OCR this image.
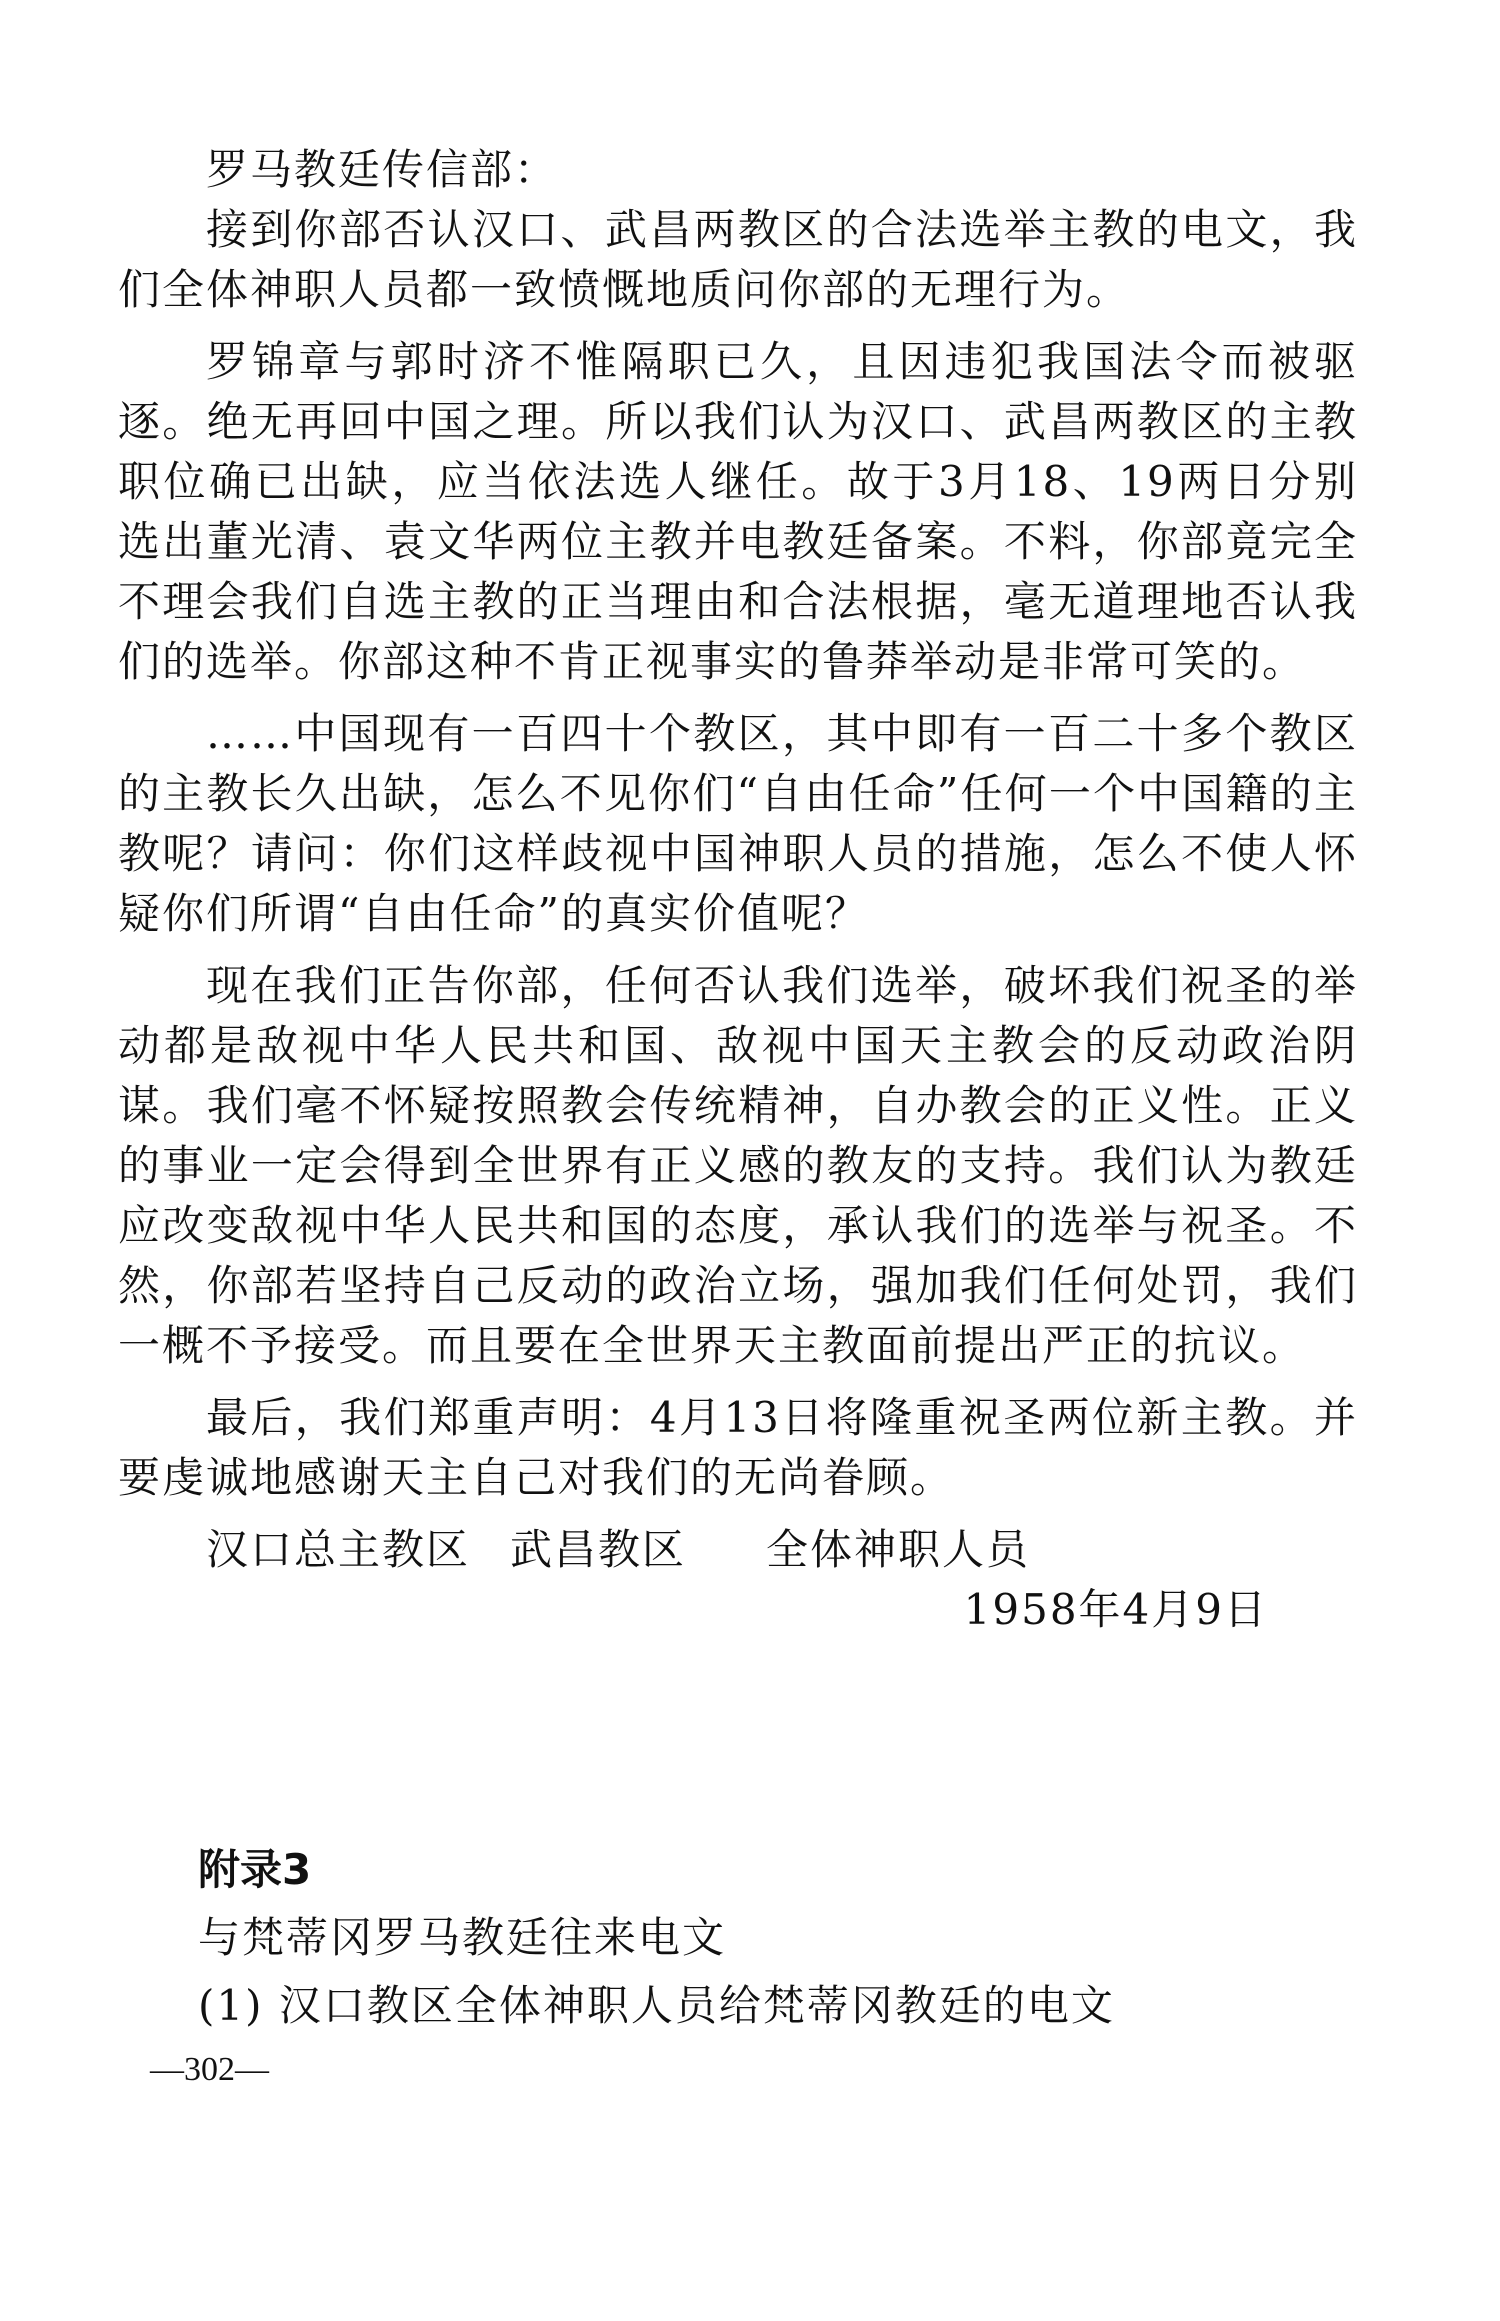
罗马教廷传信部：

接到你部否认汉口、武昌两教区的合法选举主教的电文，我们全体神职人员都一致愤慨地质问你部的无理行为。

罗锦章与郭时济不惟隔职已久，且因违犯我国法令而被驱逐。绝无再回中国之理。所以我们认为汉口、武昌两教区的主教职位确已出缺，应当依法选人继任。故于3月18、19两日分别选出董光清、袁文华两位主教并电教廷备案。不料，你部竟完全不理会我们自选主教的正当理由和合法根据，毫无道理地否认我们的选举。你部这种不肯正视事实的鲁莽举动是非常可笑的。

……中国现有一百四十个教区，其中即有一百二十多个教区的主教长久出缺，怎么不见你们“自由任命”任何一个中国籍的主教呢？请问：你们这样歧视中国神职人员的措施，怎么不使人怀疑你们所谓“自由任命”的真实价值呢？

现在我们正告你部，任何否认我们选举，破坏我们祝圣的举动都是敌视中华人民共和国、敌视中国天主教会的反动政治阴谋。我们毫不怀疑按照教会传统精神，自办教会的正义性。正义的事业一定会得到全世界有正义感的教友的支持。我们认为教廷应改变敌视中华人民共和国的态度，承认我们的选举与祝圣。不然，你部若坚持自己反动的政治立场，强加我们任何处罚，我们一概不予接受。而且要在全世界天主教面前提出严正的抗议。

最后，我们郑重声明：4月13日将隆重祝圣两位新主教。并要虔诚地感谢天主自己对我们的无尚眷顾。

汉口总主教区 武昌教区 全体神职人员
1958年4月9日

附录3

与梵蒂冈罗马教廷往来电文

(1) 汉口教区全体神职人员给梵蒂冈教廷的电文

—302—
